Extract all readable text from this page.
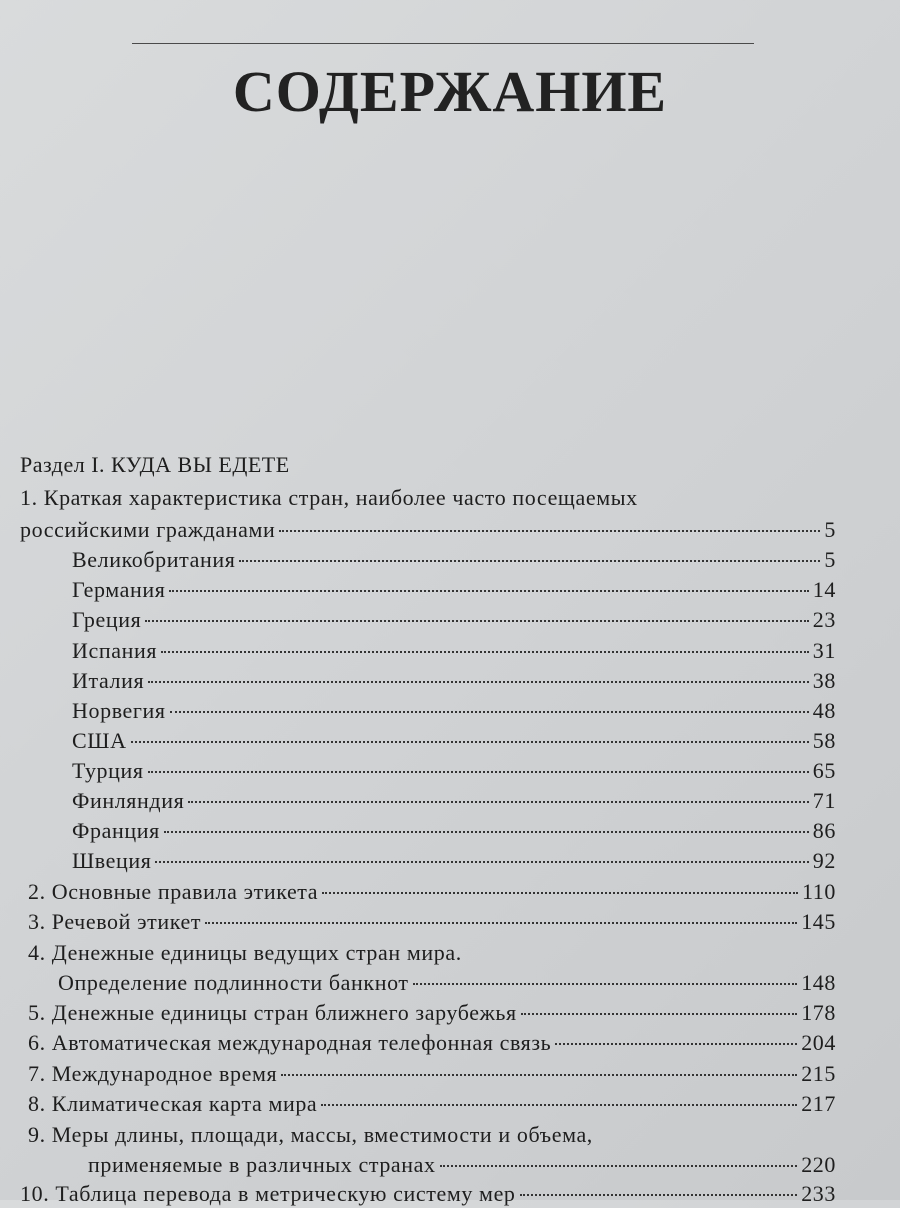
СОДЕРЖАНИЕ
Раздел I. КУДА ВЫ ЕДЕТЕ
1. Краткая характеристика стран, наиболее часто посещаемых
российскими гражданами	5
Великобритания	5
Германия	14
Греция	23
Испания	31
Италия	38
Норвегия	48
США	58
Турция	65
Финляндия	71
Франция	86
Швеция	92
2. Основные правила этикета	110
3. Речевой этикет	145
4. Денежные единицы ведущих стран мира.
Определение подлинности банкнот	148
5. Денежные единицы стран ближнего зарубежья	178
6. Автоматическая международная телефонная связь	204
7. Международное время	215
8. Климатическая карта мира	217
9. Меры длины, площади, массы, вместимости и объема,
применяемые в различных странах	220
10. Таблица перевода в метрическую систему мер	233
